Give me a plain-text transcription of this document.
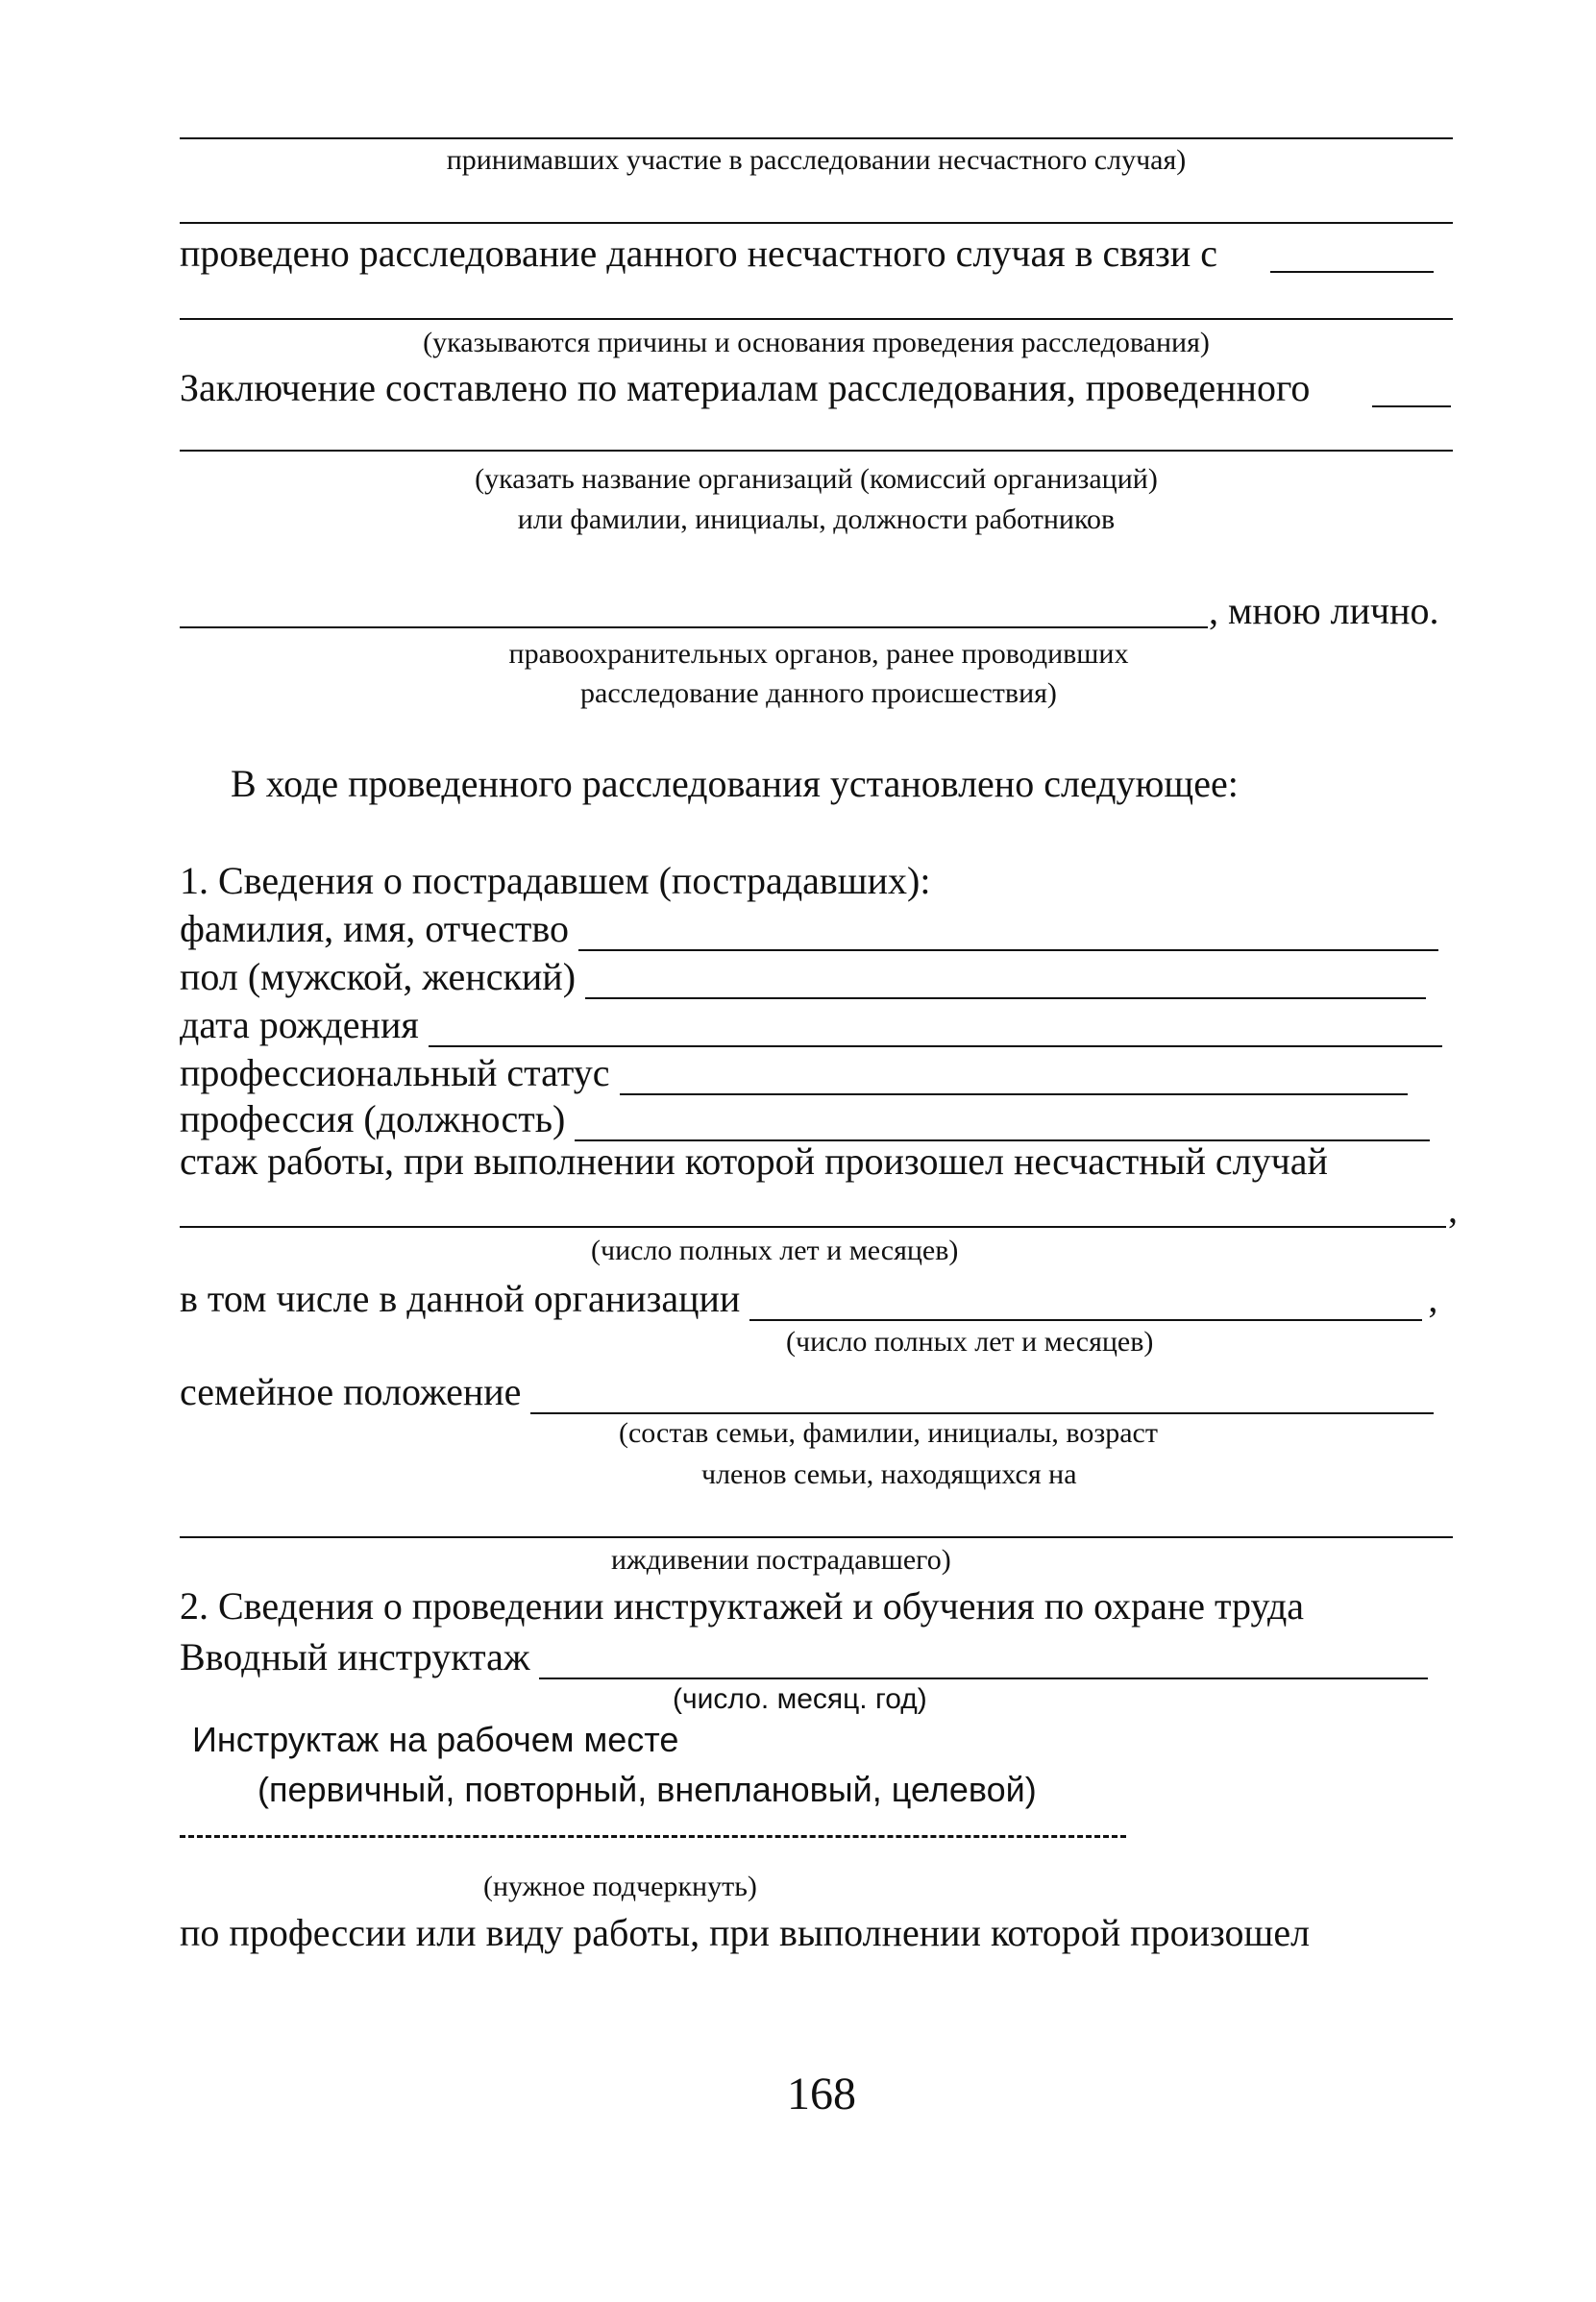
принимавших участие в расследовании несчастного случая)
проведено расследование данного несчастного случая в связи с
(указываются причины и основания проведения расследования)
Заключение составлено по материалам расследования, проведенного
(указать название организаций (комиссий организаций)
или фамилии, инициалы, должности работников
, мною лично.
правоохранительных органов, ранее проводивших
расследование данного происшествия)
В ходе проведенного расследования установлено следующее:
1. Сведения о пострадавшем (пострадавших):
фамилия, имя, отчество
пол (мужской, женский)
дата рождения
профессиональный статус
профессия (должность)
стаж работы, при выполнении которой произошел несчастный случай
,
(число полных лет и месяцев)
в том числе в данной организации	,
(число полных лет и месяцев)
семейное положение
(состав семьи, фамилии, инициалы, возраст
членов семьи, находящихся на
иждивении пострадавшего)
2. Сведения о проведении инструктажей и обучения по охране труда
Вводный инструктаж
(число. месяц. год)
Инструктаж на рабочем месте
(первичный, повторный, внеплановый, целевой)
(нужное подчеркнуть)
по профессии или виду работы, при выполнении которой произошел
168
